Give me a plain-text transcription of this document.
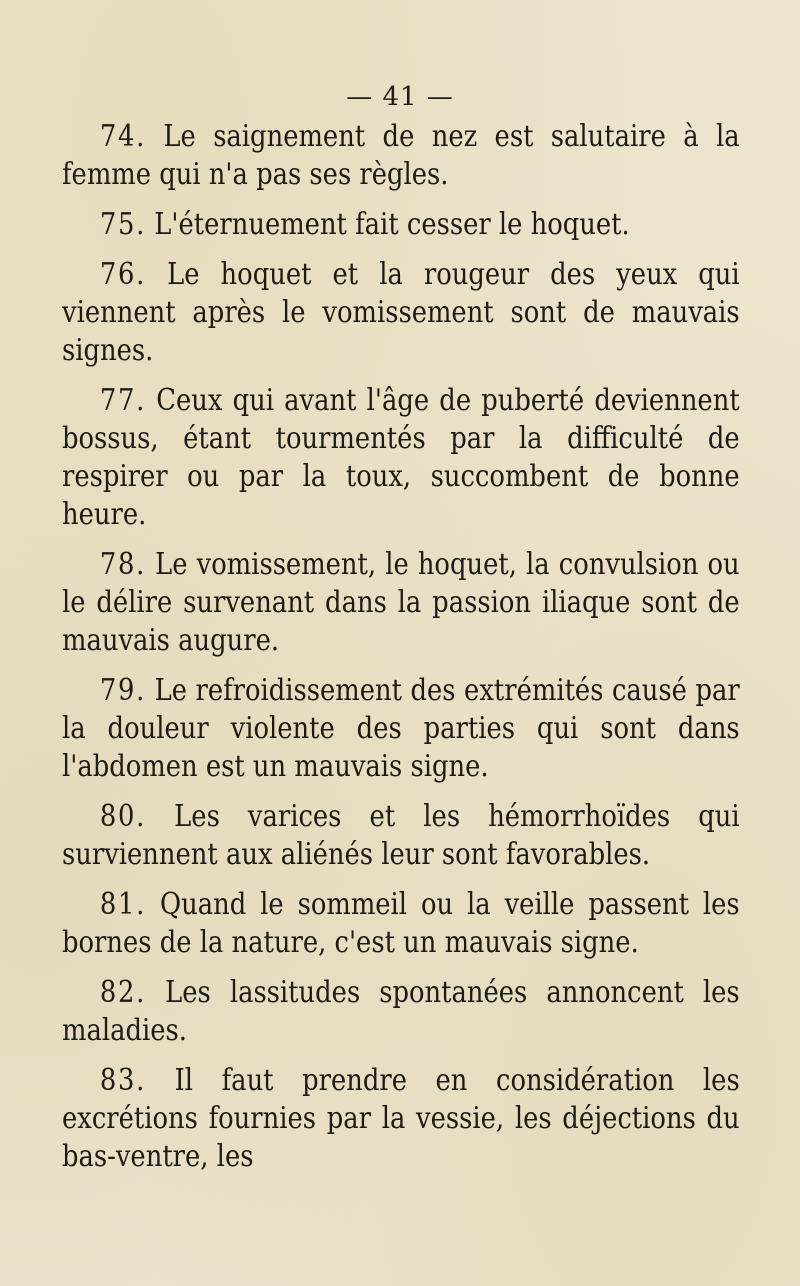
— 41 —

74. Le saignement de nez est salutaire à la femme qui n'a pas ses règles.

75. L'éternuement fait cesser le hoquet.

76. Le hoquet et la rougeur des yeux qui viennent après le vomissement sont de mauvais signes.

77. Ceux qui avant l'âge de puberté deviennent bossus, étant tourmentés par la difficulté de respirer ou par la toux, succombent de bonne heure.

78. Le vomissement, le hoquet, la convulsion ou le délire survenant dans la passion iliaque sont de mauvais augure.

79. Le refroidissement des extrémités causé par la douleur violente des parties qui sont dans l'abdomen est un mauvais signe.

80. Les varices et les hémorrhoïdes qui surviennent aux aliénés leur sont favorables.

81. Quand le sommeil ou la veille passent les bornes de la nature, c'est un mauvais signe.

82. Les lassitudes spontanées annoncent les maladies.

83. Il faut prendre en considération les excrétions fournies par la vessie, les déjections du bas-ventre, les
